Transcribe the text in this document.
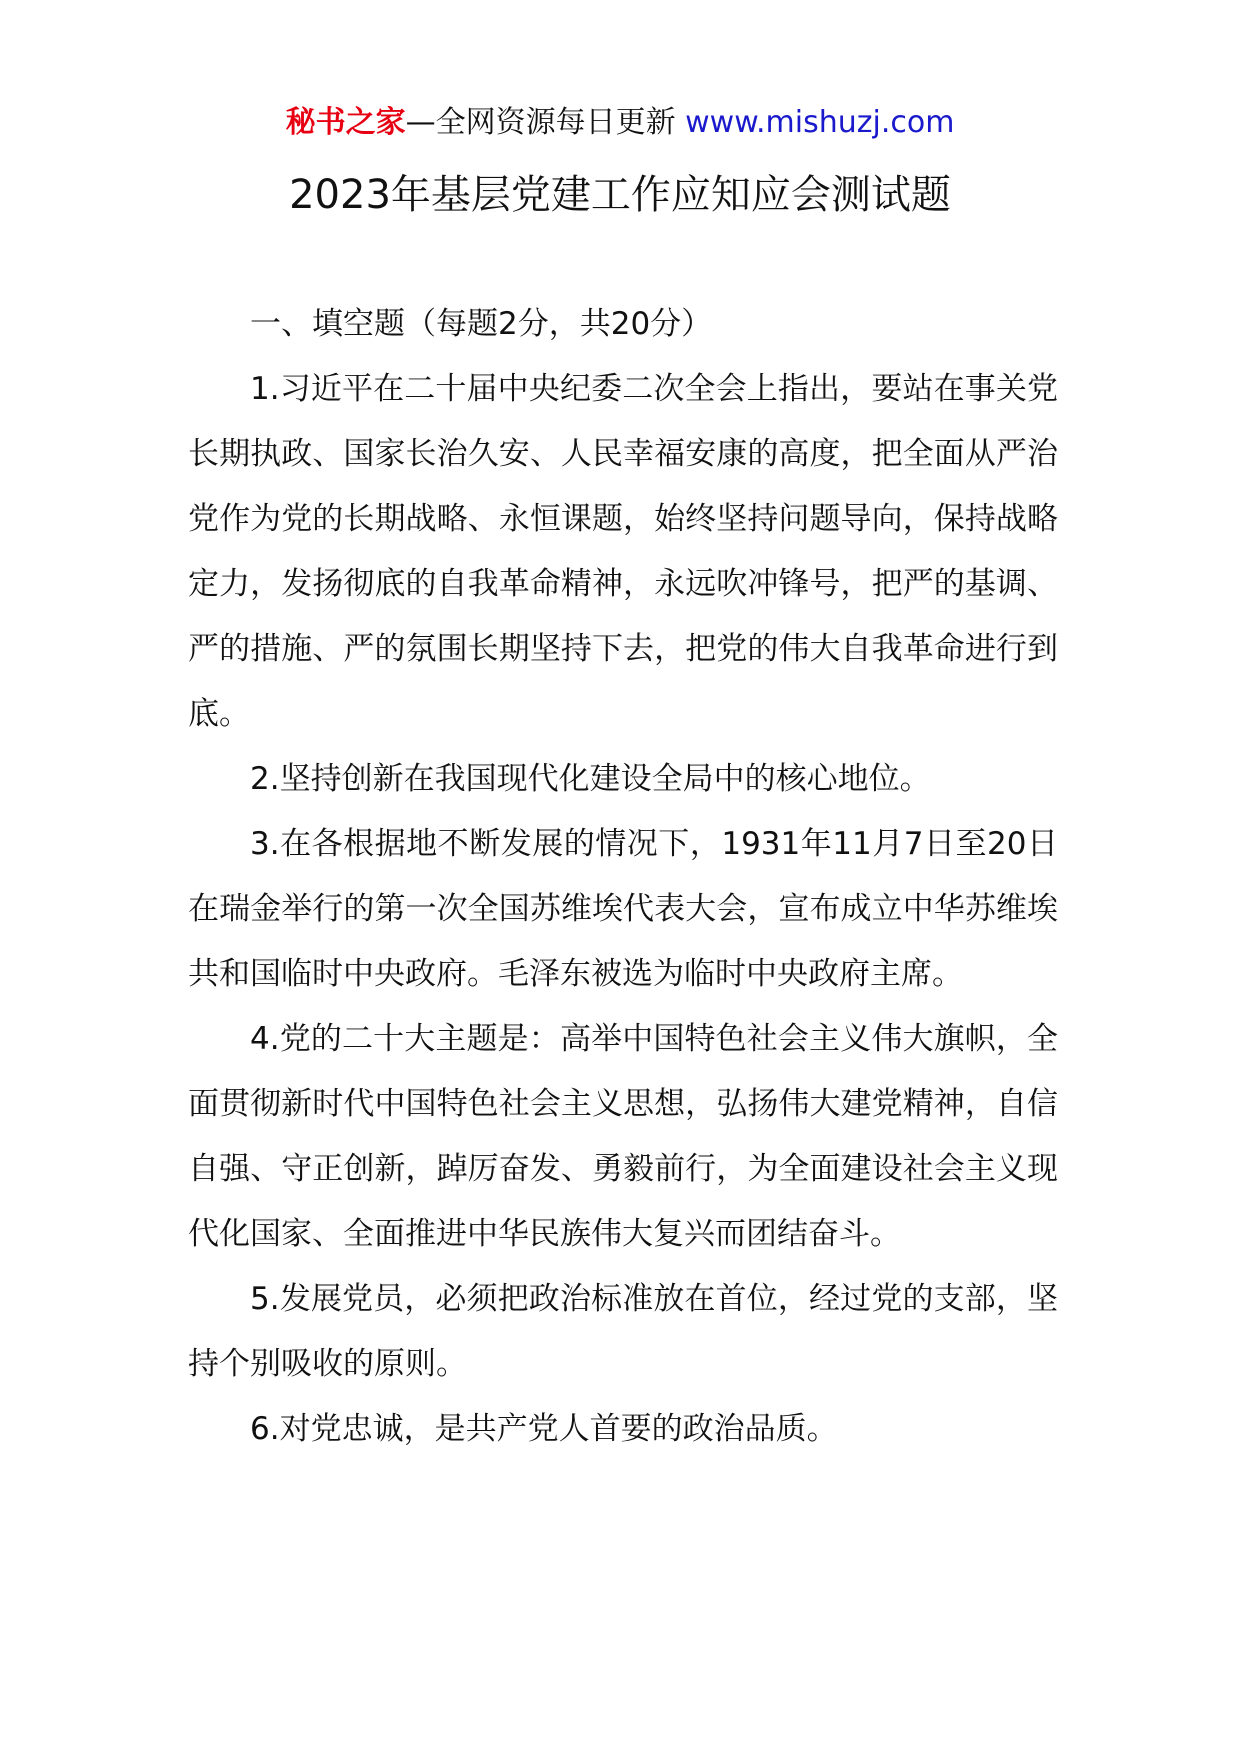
秘书之家—全网资源每日更新 www.mishuzj.com
2023年基层党建工作应知应会测试题

一、填空题（每题2分，共20分）

1.习近平在二十届中央纪委二次全会上指出，要站在事关党长期执政、国家长治久安、人民幸福安康的高度，把全面从严治党作为党的长期战略、永恒课题，始终坚持问题导向，保持战略定力，发扬彻底的自我革命精神，永远吹冲锋号，把严的基调、严的措施、严的氛围长期坚持下去，把党的伟大自我革命进行到底。

2.坚持创新在我国现代化建设全局中的核心地位。

3.在各根据地不断发展的情况下，1931年11月7日至20日在瑞金举行的第一次全国苏维埃代表大会，宣布成立中华苏维埃共和国临时中央政府。毛泽东被选为临时中央政府主席。

4.党的二十大主题是：高举中国特色社会主义伟大旗帜，全面贯彻新时代中国特色社会主义思想，弘扬伟大建党精神，自信自强、守正创新，踔厉奋发、勇毅前行，为全面建设社会主义现代化国家、全面推进中华民族伟大复兴而团结奋斗。

5.发展党员，必须把政治标准放在首位，经过党的支部，坚持个别吸收的原则。

6.对党忠诚，是共产党人首要的政治品质。
